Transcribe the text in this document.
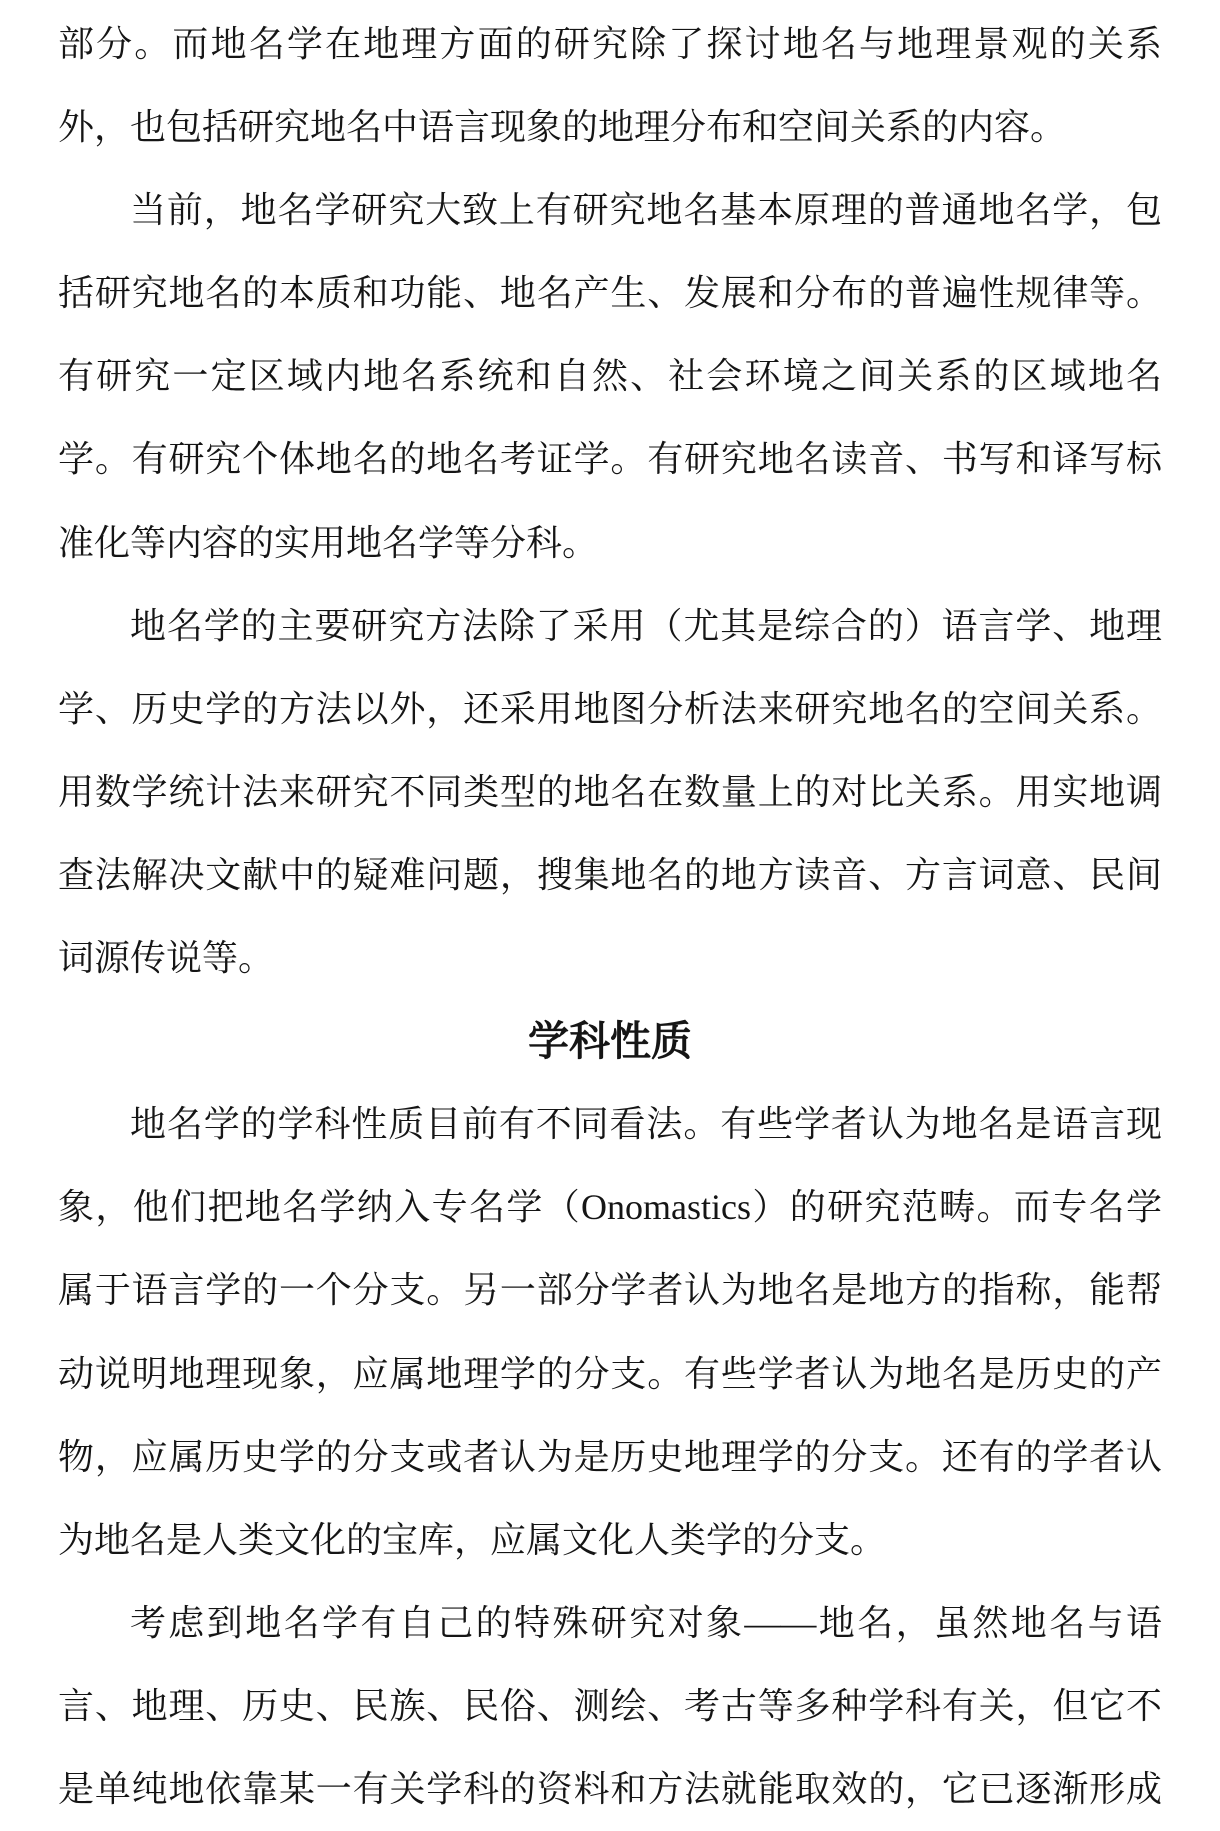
部分。而地名学在地理方面的研究除了探讨地名与地理景观的关系
外，也包括研究地名中语言现象的地理分布和空间关系的内容。
当前，地名学研究大致上有研究地名基本原理的普通地名学，包
括研究地名的本质和功能、地名产生、发展和分布的普遍性规律等。
有研究一定区域内地名系统和自然、社会环境之间关系的区域地名
学。有研究个体地名的地名考证学。有研究地名读音、书写和译写标
准化等内容的实用地名学等分科。
地名学的主要研究方法除了采用（尤其是综合的）语言学、地理
学、历史学的方法以外，还采用地图分析法来研究地名的空间关系。
用数学统计法来研究不同类型的地名在数量上的对比关系。用实地调
查法解决文献中的疑难问题，搜集地名的地方读音、方言词意、民间
词源传说等。
学科性质
地名学的学科性质目前有不同看法。有些学者认为地名是语言现
象，他们把地名学纳入专名学（Onomastics）的研究范畴。而专名学
属于语言学的一个分支。另一部分学者认为地名是地方的指称，能帮
动说明地理现象，应属地理学的分支。有些学者认为地名是历史的产
物，应属历史学的分支或者认为是历史地理学的分支。还有的学者认
为地名是人类文化的宝库，应属文化人类学的分支。
考虑到地名学有自己的特殊研究对象——地名，虽然地名与语
言、地理、历史、民族、民俗、测绘、考古等多种学科有关，但它不
是单纯地依靠某一有关学科的资料和方法就能取效的，它已逐渐形成
